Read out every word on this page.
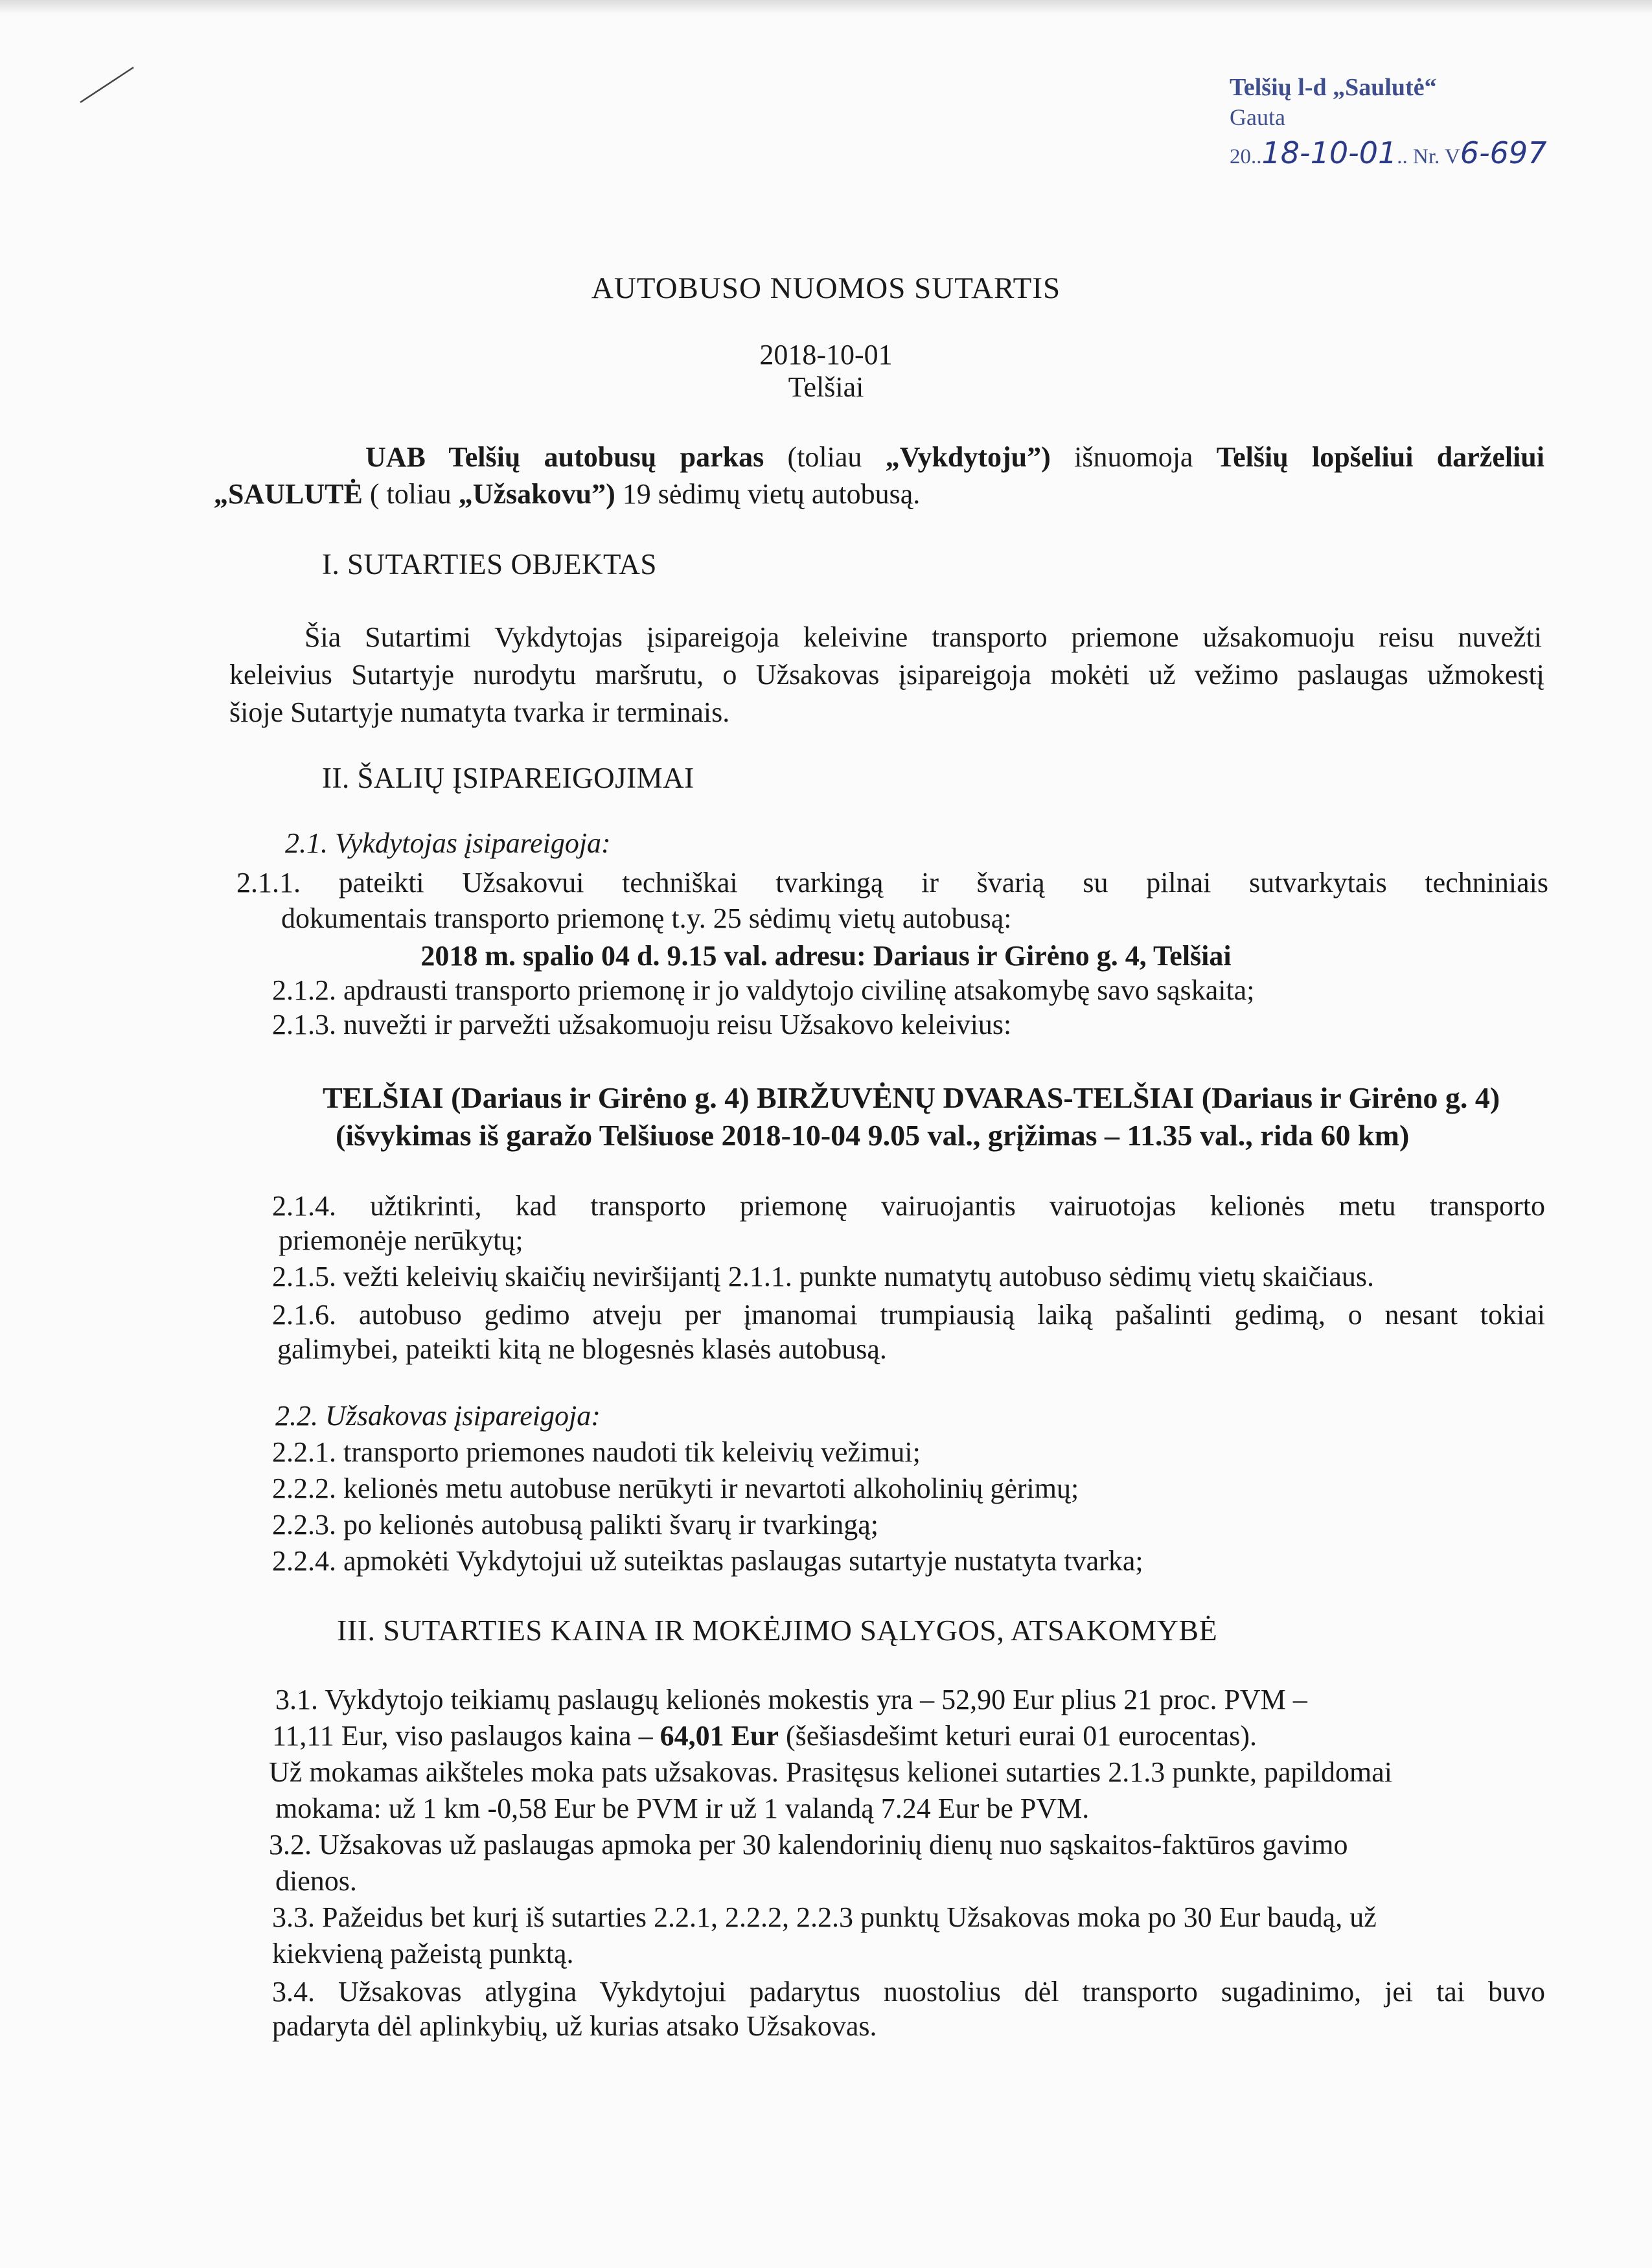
Telšių l-d „Saulutė“
Gauta
20..18-10-01.. Nr. V6-697
AUTOBUSO NUOMOS SUTARTIS
2018-10-01
Telšiai
UAB Telšių autobusų parkas (toliau „Vykdytoju”) išnuomoja Telšių lopšeliui darželiui
„SAULUTĖ ( toliau „Užsakovu”) 19 sėdimų vietų autobusą.
I. SUTARTIES OBJEKTAS
Šia Sutartimi Vykdytojas įsipareigoja keleivine transporto priemone užsakomuoju reisu nuvežti
keleivius Sutartyje nurodytu maršrutu, o Užsakovas įsipareigoja mokėti už vežimo paslaugas užmokestį
šioje Sutartyje numatyta tvarka ir terminais.
II. ŠALIŲ ĮSIPAREIGOJIMAI
2.1. Vykdytojas įsipareigoja:
2.1.1. pateikti Užsakovui techniškai tvarkingą ir švarią su pilnai sutvarkytais techniniais
dokumentais transporto priemonę t.y. 25 sėdimų vietų autobusą:
2018 m. spalio 04 d. 9.15 val. adresu: Dariaus ir Girėno g. 4, Telšiai
2.1.2. apdrausti transporto priemonę ir jo valdytojo civilinę atsakomybę savo sąskaita;
2.1.3. nuvežti ir parvežti užsakomuoju reisu Užsakovo keleivius:
TELŠIAI (Dariaus ir Girėno g. 4) BIRŽUVĖNŲ DVARAS-TELŠIAI (Dariaus ir Girėno g. 4)
(išvykimas iš garažo Telšiuose 2018-10-04 9.05 val., grįžimas – 11.35 val., rida 60 km)
2.1.4. užtikrinti, kad transporto priemonę vairuojantis vairuotojas kelionės metu transporto
priemonėje nerūkytų;
2.1.5. vežti keleivių skaičių neviršijantį 2.1.1. punkte numatytų autobuso sėdimų vietų skaičiaus.
2.1.6. autobuso gedimo atveju per įmanomai trumpiausią laiką pašalinti gedimą, o nesant tokiai
galimybei, pateikti kitą ne blogesnės klasės autobusą.
2.2. Užsakovas įsipareigoja:
2.2.1. transporto priemones naudoti tik keleivių vežimui;
2.2.2. kelionės metu autobuse nerūkyti ir nevartoti alkoholinių gėrimų;
2.2.3. po kelionės autobusą palikti švarų ir tvarkingą;
2.2.4. apmokėti Vykdytojui už suteiktas paslaugas sutartyje nustatyta tvarka;
III. SUTARTIES KAINA IR MOKĖJIMO SĄLYGOS, ATSAKOMYBĖ
3.1. Vykdytojo teikiamų paslaugų kelionės mokestis yra – 52,90 Eur plius 21 proc. PVM –
11,11 Eur, viso paslaugos kaina – 64,01 Eur (šešiasdešimt keturi eurai 01 eurocentas).
Už mokamas aikšteles moka pats užsakovas. Prasitęsus kelionei sutarties 2.1.3 punkte, papildomai
mokama: už 1 km -0,58 Eur be PVM ir už 1 valandą 7.24 Eur be PVM.
3.2. Užsakovas už paslaugas apmoka per 30 kalendorinių dienų nuo sąskaitos-faktūros gavimo
dienos.
3.3. Pažeidus bet kurį iš sutarties 2.2.1, 2.2.2, 2.2.3 punktų Užsakovas moka po 30 Eur baudą, už
kiekvieną pažeistą punktą.
3.4. Užsakovas atlygina Vykdytojui padarytus nuostolius dėl transporto sugadinimo, jei tai buvo
padaryta dėl aplinkybių, už kurias atsako Užsakovas.
